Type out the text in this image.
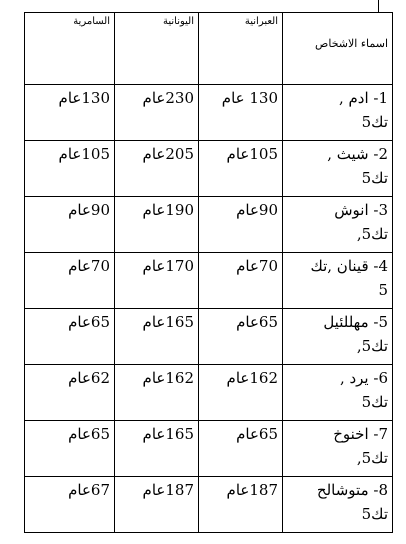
اسماء الاشخاص	العبرانية	اليونانية	السامرية

1- ادم ,
تك5	130 عام	230عام	130عام

2- شيث ,
تك5	105عام	205عام	105عام

3- انوش
تك5,	90عام	190عام	90عام

4- قينان ,تك
5	70عام	170عام	70عام

5- مهللئيل
تك5,	65عام	165عام	65عام

6- يرد ,
تك5	162عام	162عام	62عام

7- اخنوخ
تك5,	65عام	165عام	65عام

8- متوشالح
تك5	187عام	187عام	67عام
